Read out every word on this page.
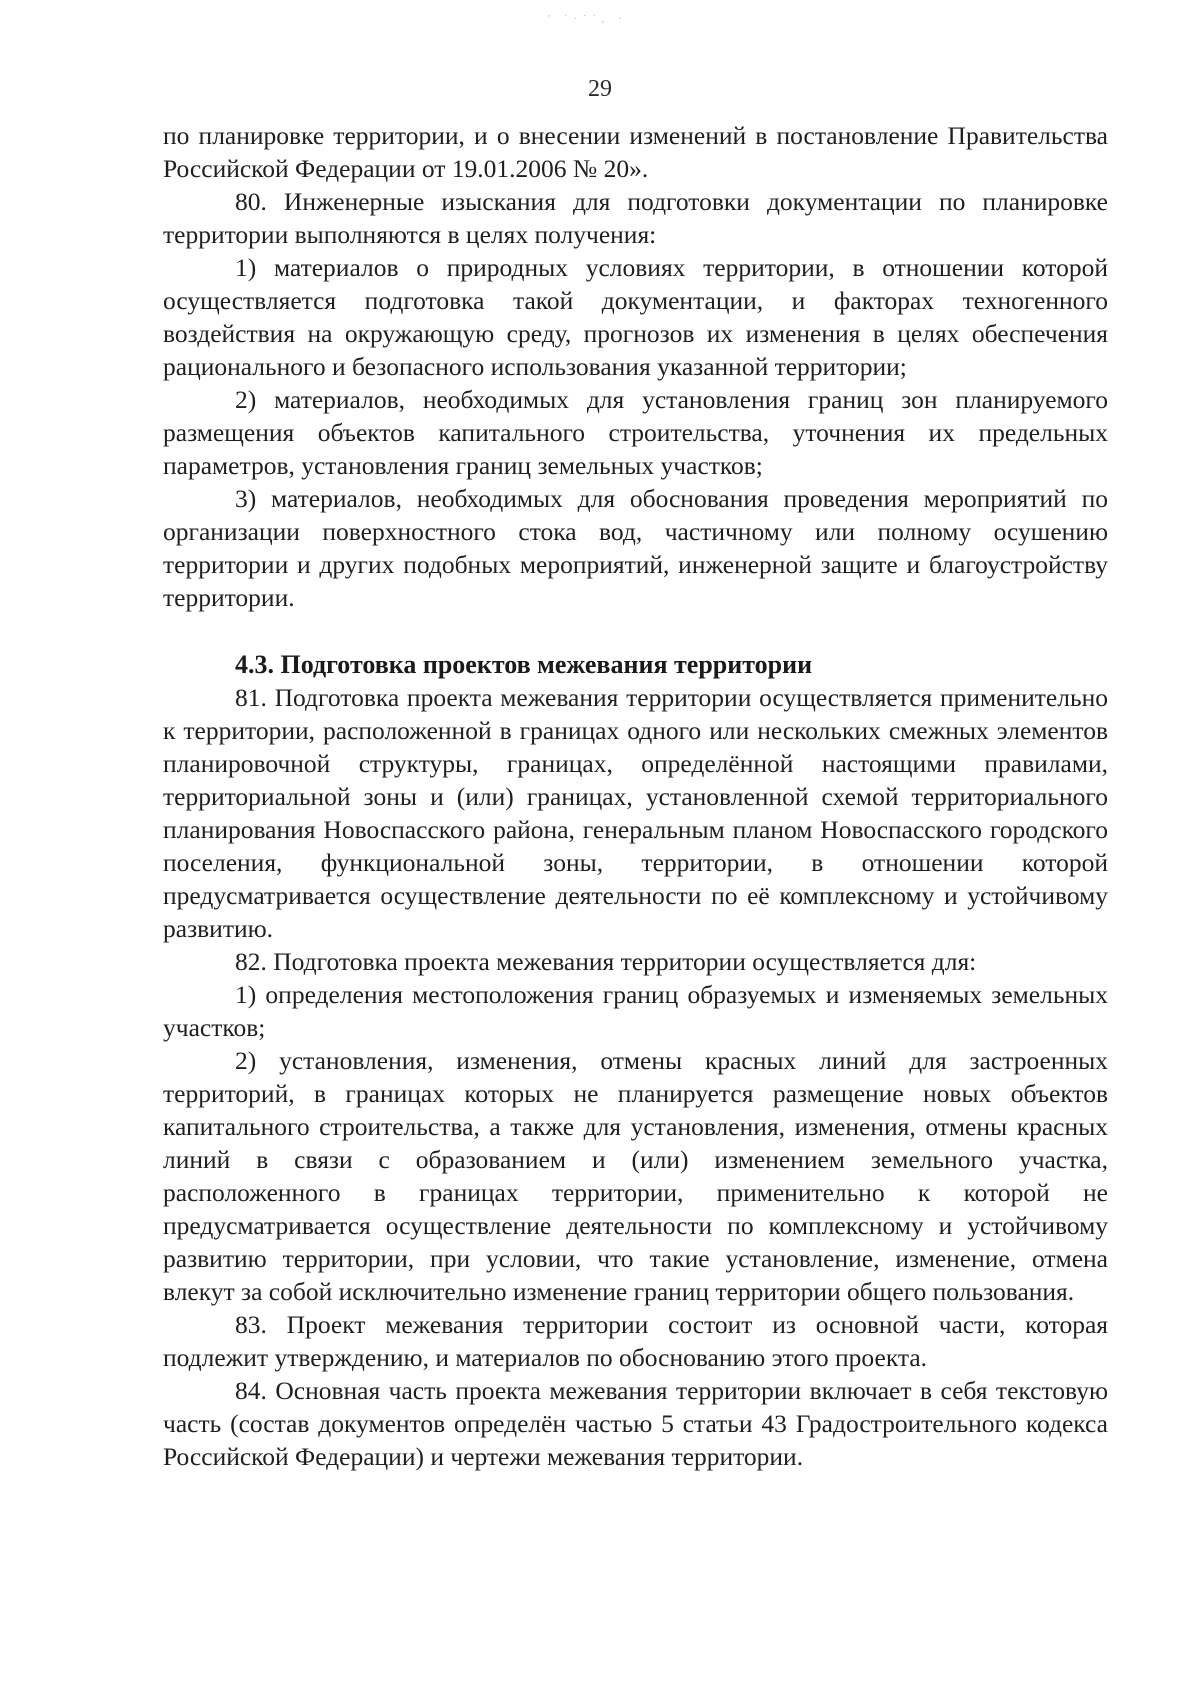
' ˙·˙˙, ·
29

по планировке территории, и о внесении изменений в постановление Правительства Российской Федерации от 19.01.2006 № 20».

80. Инженерные изыскания для подготовки документации по планировке территории выполняются в целях получения:

1) материалов о природных условиях территории, в отношении которой осуществляется подготовка такой документации, и факторах техногенного воздействия на окружающую среду, прогнозов их изменения в целях обеспечения рационального и безопасного использования указанной территории;

2) материалов, необходимых для установления границ зон планируемого размещения объектов капитального строительства, уточнения их предельных параметров, установления границ земельных участков;

3) материалов, необходимых для обоснования проведения мероприятий по организации поверхностного стока вод, частичному или полному осушению территории и других подобных мероприятий, инженерной защите и благоустройству территории.

4.3. Подготовка проектов межевания территории

81. Подготовка проекта межевания территории осуществляется применительно к территории, расположенной в границах одного или нескольких смежных элементов планировочной структуры, границах, определённой настоящими правилами, территориальной зоны и (или) границах, установленной схемой территориального планирования Новоспасского района, генеральным планом Новоспасского городского поселения, функциональной зоны, территории, в отношении которой предусматривается осуществление деятельности по её комплексному и устойчивому развитию.

82. Подготовка проекта межевания территории осуществляется для:

1) определения местоположения границ образуемых и изменяемых земельных участков;

2) установления, изменения, отмены красных линий для застроенных территорий, в границах которых не планируется размещение новых объектов капитального строительства, а также для установления, изменения, отмены красных линий в связи с образованием и (или) изменением земельного участка, расположенного в границах территории, применительно к которой не предусматривается осуществление деятельности по комплексному и устойчивому развитию территории, при условии, что такие установление, изменение, отмена влекут за собой исключительно изменение границ территории общего пользования.

83. Проект межевания территории состоит из основной части, которая подлежит утверждению, и материалов по обоснованию этого проекта.

84. Основная часть проекта межевания территории включает в себя текстовую часть (состав документов определён частью 5 статьи 43 Градостроительного кодекса Российской Федерации) и чертежи межевания территории.
